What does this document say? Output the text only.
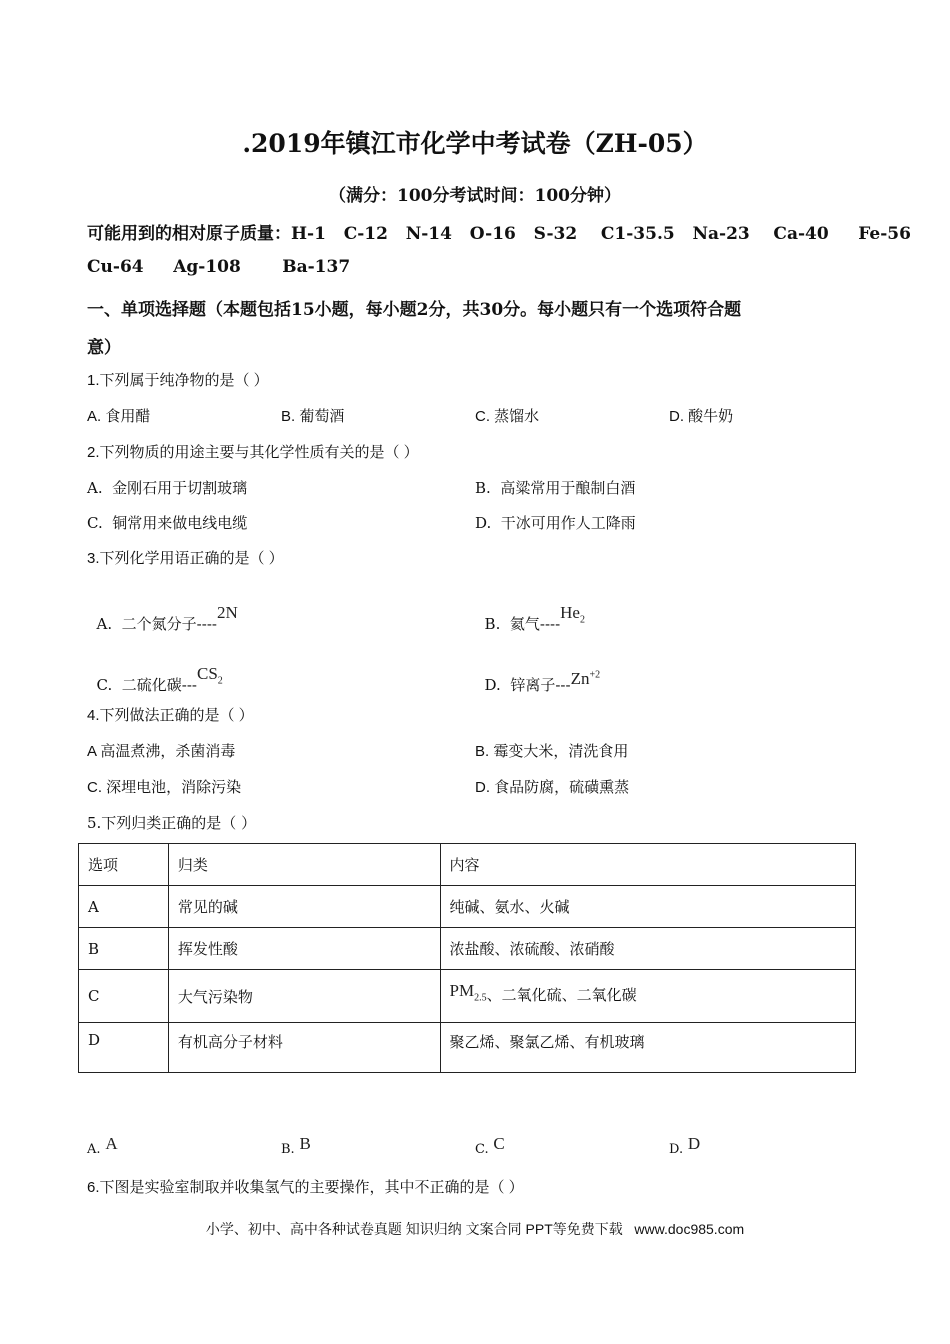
.2019年镇江市化学中考试卷（ZH-05）
（满分：100分考试时间：100分钟）
可能用到的相对原子质量：H-1   C-12   N-14   O-16   S-32    C1-35.5   Na-23    Ca-40     Fe-56
Cu-64     Ag-108       Ba-137
一、单项选择题（本题包括15小题，每小题2分，共30分。每小题只有一个选项符合题
意）
1.下列属于纯净物的是（ ）
A. 食用醋	B. 葡萄酒	C. 蒸馏水	D. 酸牛奶
2.下列物质的用途主要与其化学性质有关的是（ ）
A.  金刚石用于切割玻璃	B.  高粱常用于酿制白酒
C.  铜常用来做电线电缆	D.  干冰可用作人工降雨
3.下列化学用语正确的是（ ）

A.  二个氮分子----2N

B.  氦气$----He_2$

C.  二硫化碳$---CS_2$	D.  锌离子$---Zn^{+2}$

4.下列做法正确的是（ ）
A 高温煮沸，杀菌消毒	B. 霉变大米，清洗食用
C. 深埋电池，消除污染	D. 食品防腐，硫磺熏蒸
5.下列归类正确的是（ ）
选项	归类	内容
A	常见的碱	纯碱、氨水、火碱
B	挥发性酸	浓盐酸、浓硫酸、浓硝酸
C	大气污染物	$PM_{2.5}$、二氧化硫、二氧化碳
D	有机高分子材料	聚乙烯、聚氯乙烯、有机玻璃
A. A	B. B	C. C	D. D
6.下图是实验室制取并收集氢气的主要操作，其中不正确的是（ ）
小学、初中、高中各种试卷真题 知识归纳 文案合同 PPT等免费下载   www.doc985.com
